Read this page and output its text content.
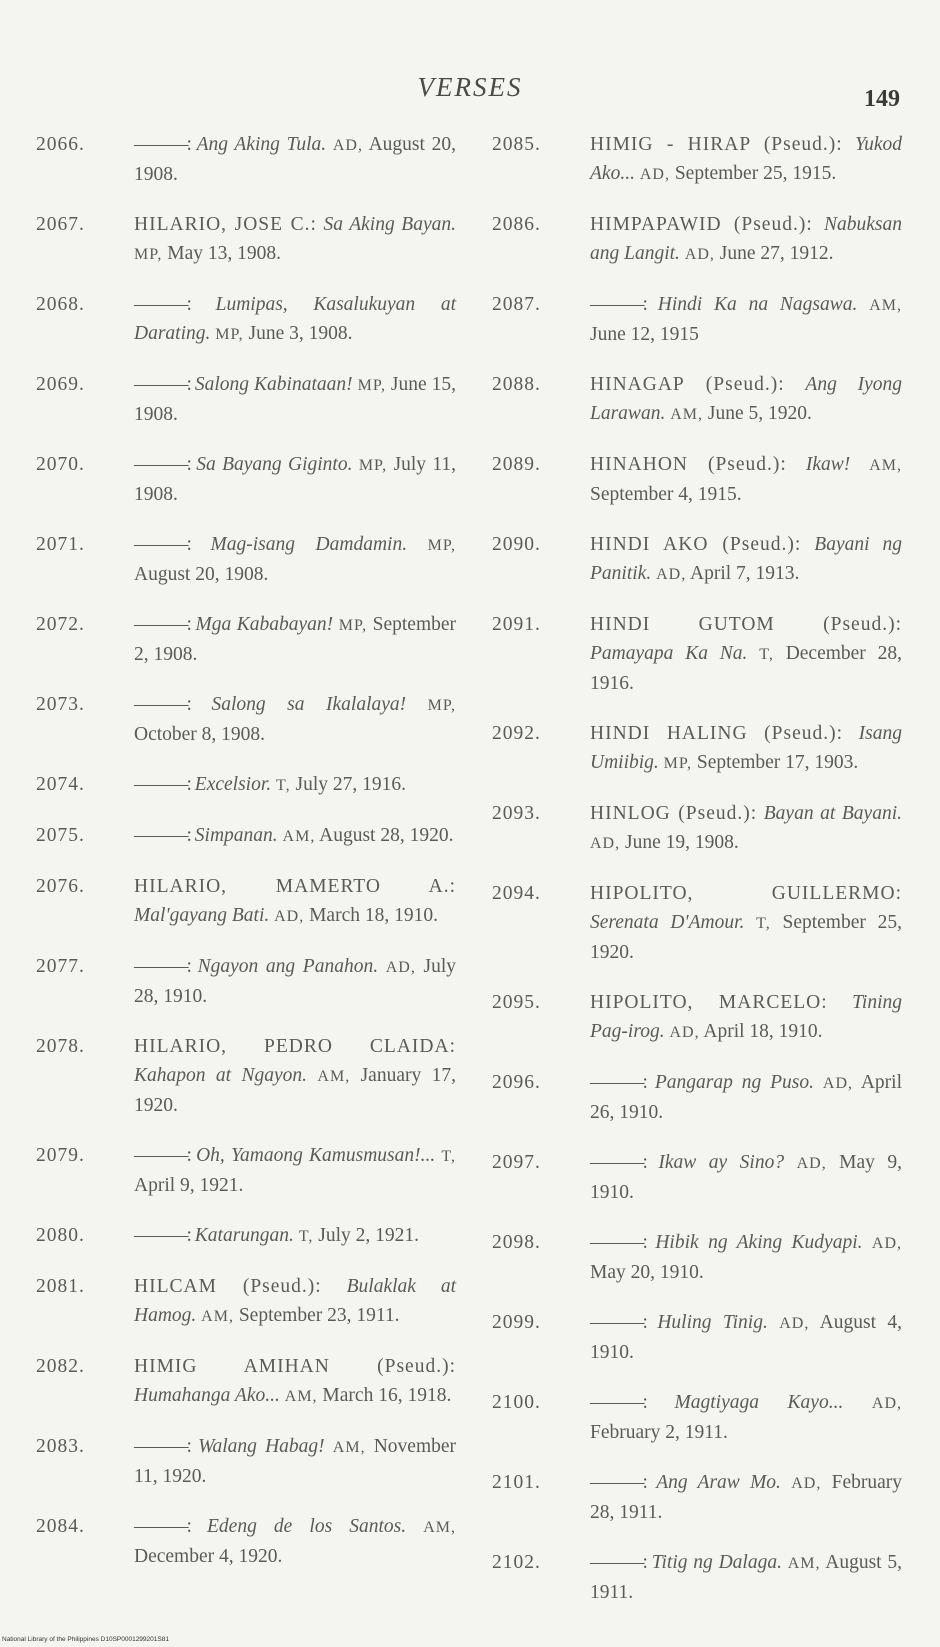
VERSES	149
2066.	———: Ang Aking Tula. AD, August 20, 1908.
2067.	HILARIO, JOSE C.: Sa Aking Bayan. MP, May 13, 1908.
2068.	———: Lumipas, Kasalukuyan at Darating. MP, June 3, 1908.
2069.	———: Salong Kabinataan! MP, June 15, 1908.
2070.	———: Sa Bayang Giginto. MP, July 11, 1908.
2071.	———: Mag-isang Damdamin. MP, August 20, 1908.
2072.	———: Mga Kababayan! MP, September 2, 1908.
2073.	———: Salong sa Ikalalaya! MP, October 8, 1908.
2074.	———: Excelsior. T, July 27, 1916.
2075.	———: Simpanan. AM, August 28, 1920.
2076.	HILARIO, MAMERTO A.: Mal'gayang Bati. AD, March 18, 1910.
2077.	———: Ngayon ang Panahon. AD, July 28, 1910.
2078.	HILARIO, PEDRO CLAIDA: Kahapon at Ngayon. AM, January 17, 1920.
2079.	———: Oh, Yamaong Kamusmusan!... T, April 9, 1921.
2080.	———: Katarungan. T, July 2, 1921.
2081.	HILCAM (Pseud.): Bulaklak at Hamog. AM, September 23, 1911.
2082.	HIMIG AMIHAN (Pseud.): Humahanga Ako... AM, March 16, 1918.
2083.	———: Walang Habag! AM, November 11, 1920.
2084.	———: Edeng de los Santos. AM, December 4, 1920.
2085.	HIMIG - HIRAP (Pseud.): Yukod Ako... AD, September 25, 1915.
2086.	HIMPAPAWID (Pseud.): Nabuksan ang Langit. AD, June 27, 1912.
2087.	———: Hindi Ka na Nagsawa. AM, June 12, 1915
2088.	HINAGAP (Pseud.): Ang Iyong Larawan. AM, June 5, 1920.
2089.	HINAHON (Pseud.): Ikaw! AM, September 4, 1915.
2090.	HINDI AKO (Pseud.): Bayani ng Panitik. AD, April 7, 1913.
2091.	HINDI GUTOM (Pseud.): Pamayapa Ka Na. T, December 28, 1916.
2092.	HINDI HALING (Pseud.): Isang Umiibig. MP, September 17, 1903.
2093.	HINLOG (Pseud.): Bayan at Bayani. AD, June 19, 1908.
2094.	HIPOLITO, GUILLERMO: Serenata D'Amour. T, September 25, 1920.
2095.	HIPOLITO, MARCELO: Tining Pag-irog. AD, April 18, 1910.
2096.	———: Pangarap ng Puso. AD, April 26, 1910.
2097.	———: Ikaw ay Sino? AD, May 9, 1910.
2098.	———: Hibik ng Aking Kudyapi. AD, May 20, 1910.
2099.	———: Huling Tinig. AD, August 4, 1910.
2100.	———: Magtiyaga Kayo... AD, February 2, 1911.
2101.	———: Ang Araw Mo. AD, February 28, 1911.
2102.	———: Titig ng Dalaga. AM, August 5, 1911.
National Library of the Philippines D10SP0001299201S81
